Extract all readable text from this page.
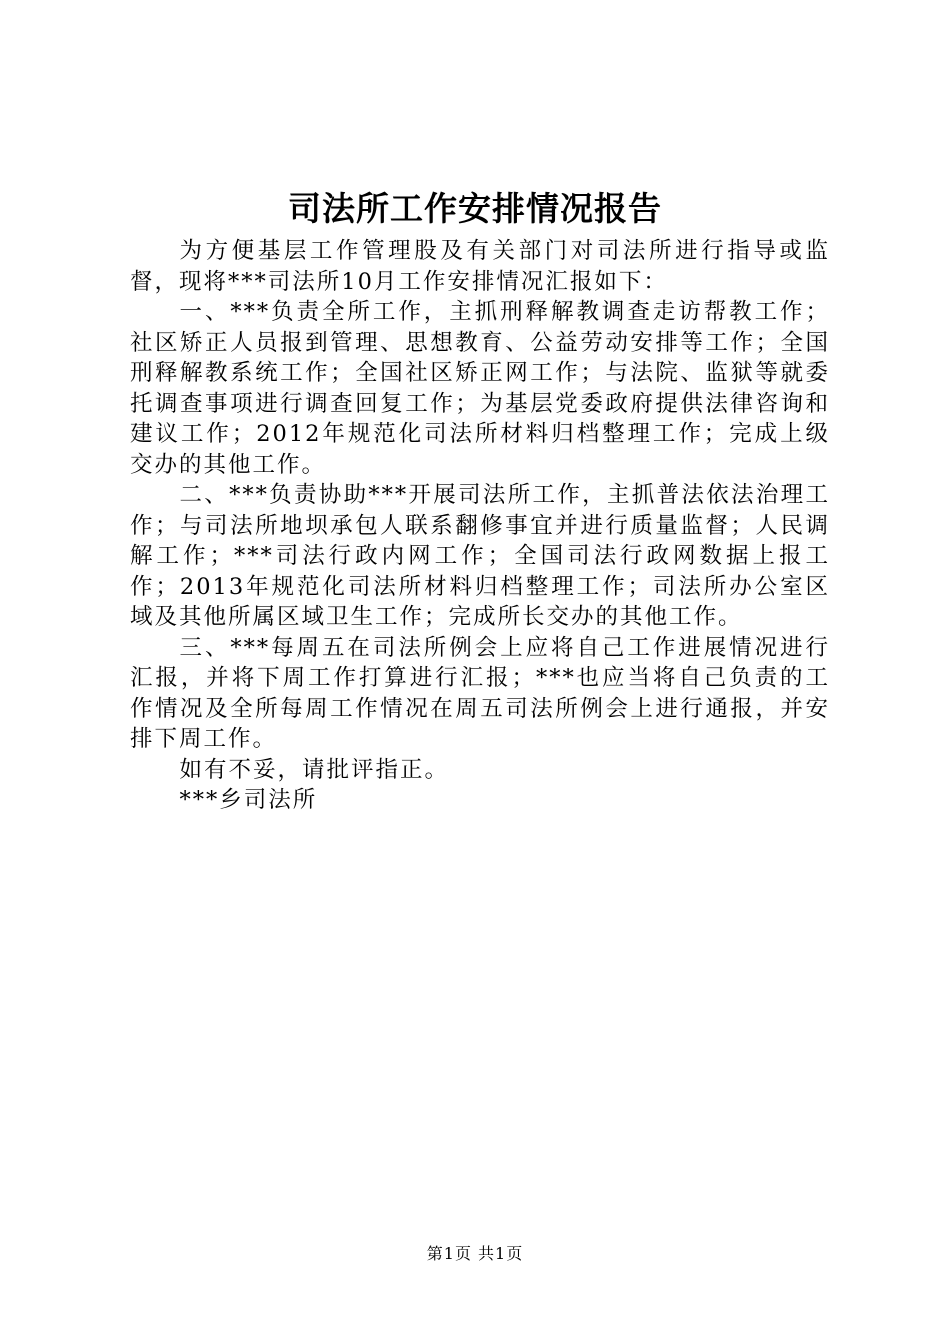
司法所工作安排情况报告

为方便基层工作管理股及有关部门对司法所进行指导或监督，现将***司法所10月工作安排情况汇报如下：

一、***负责全所工作，主抓刑释解教调查走访帮教工作；社区矫正人员报到管理、思想教育、公益劳动安排等工作；全国刑释解教系统工作；全国社区矫正网工作；与法院、监狱等就委托调查事项进行调查回复工作；为基层党委政府提供法律咨询和建议工作；2012年规范化司法所材料归档整理工作；完成上级交办的其他工作。

二、***负责协助***开展司法所工作，主抓普法依法治理工作；与司法所地坝承包人联系翻修事宜并进行质量监督；人民调解工作；***司法行政内网工作；全国司法行政网数据上报工作；2013年规范化司法所材料归档整理工作；司法所办公室区域及其他所属区域卫生工作；完成所长交办的其他工作。

三、***每周五在司法所例会上应将自己工作进展情况进行汇报，并将下周工作打算进行汇报；***也应当将自己负责的工作情况及全所每周工作情况在周五司法所例会上进行通报，并安排下周工作。

如有不妥，请批评指正。

***乡司法所

第1页 共1页
